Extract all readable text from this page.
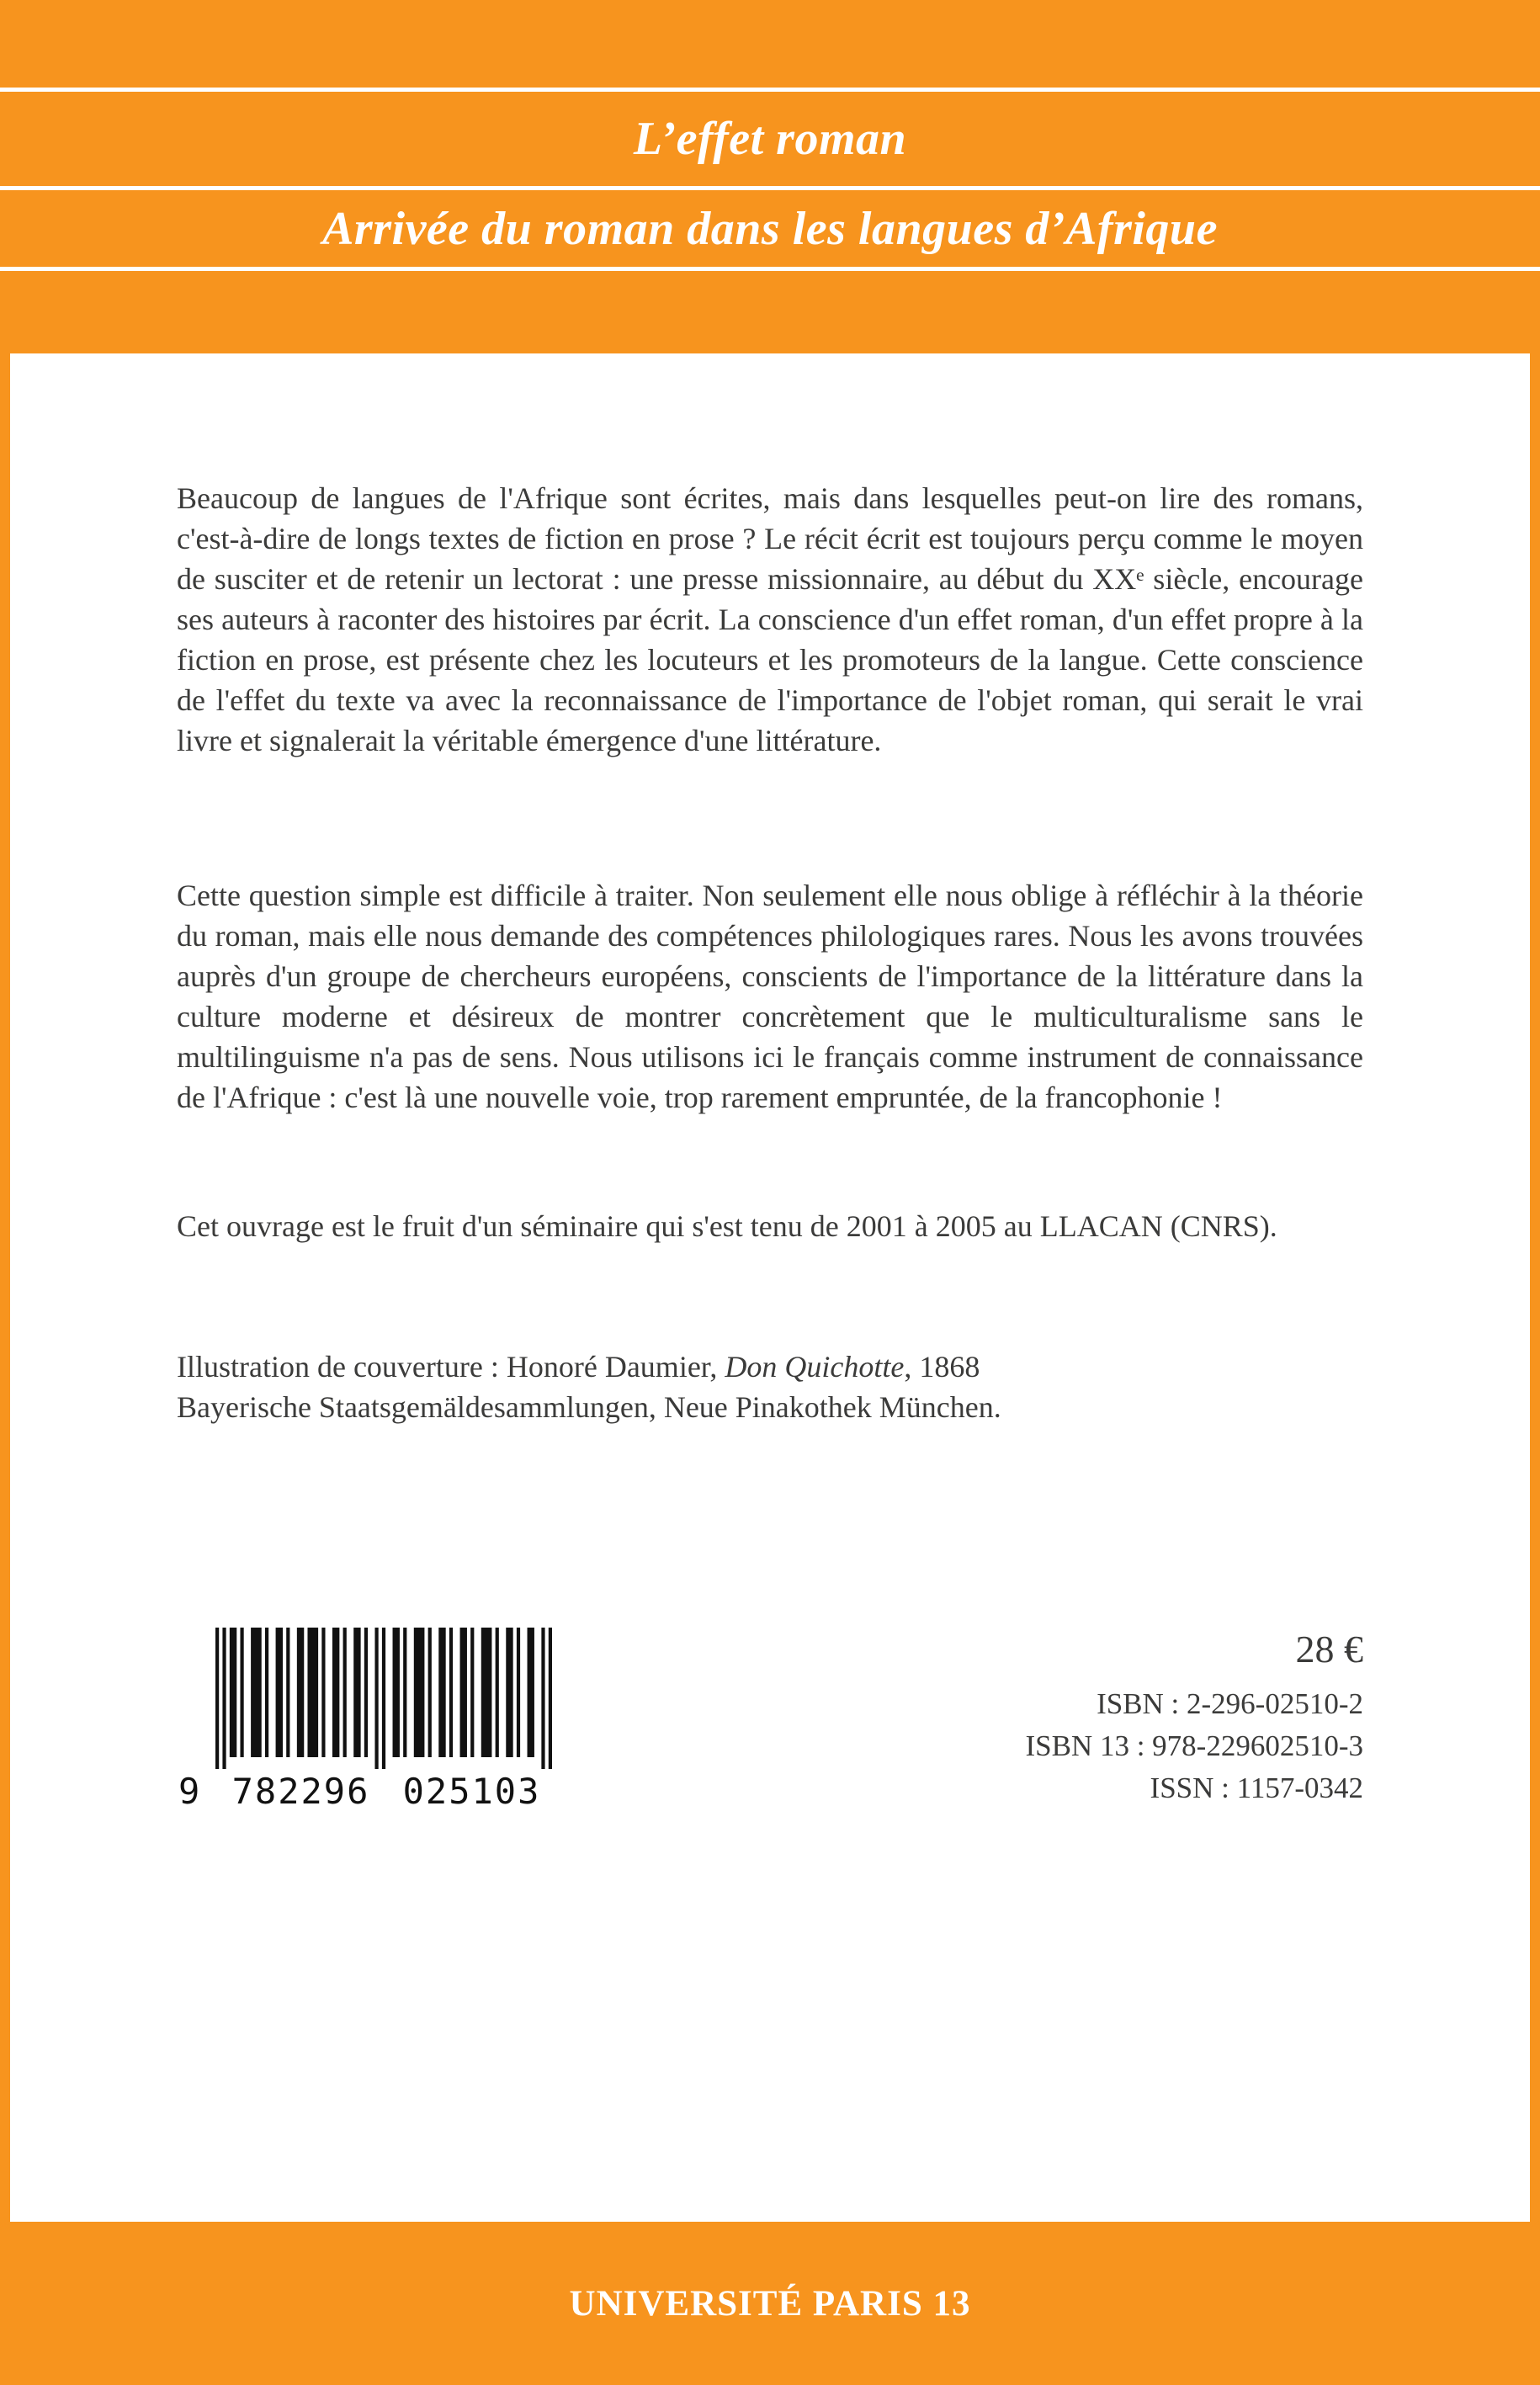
L’effet roman
Arrivée du roman dans les langues d’Afrique

Beaucoup de langues de l'Afrique sont écrites, mais dans lesquelles peut-on lire des romans, c'est-à-dire de longs textes de fiction en prose ? Le récit écrit est toujours perçu comme le moyen de susciter et de retenir un lectorat : une presse missionnaire, au début du XXᵉ siècle, encourage ses auteurs à raconter des histoires par écrit. La conscience d'un effet roman, d'un effet propre à la fiction en prose, est présente chez les locuteurs et les promoteurs de la langue. Cette conscience de l'effet du texte va avec la reconnaissance de l'importance de l'objet roman, qui serait le vrai livre et signalerait la véritable émergence d'une littérature.

Cette question simple est difficile à traiter. Non seulement elle nous oblige à réfléchir à la théorie du roman, mais elle nous demande des compétences philologiques rares. Nous les avons trouvées auprès d'un groupe de chercheurs européens, conscients de l'importance de la littérature dans la culture moderne et désireux de montrer concrètement que le multiculturalisme sans le multilinguisme n'a pas de sens. Nous utilisons ici le français comme instrument de connaissance de l'Afrique : c'est là une nouvelle voie, trop rarement empruntée, de la francophonie !

Cet ouvrage est le fruit d'un séminaire qui s'est tenu de 2001 à 2005 au LLACAN (CNRS).

Illustration de couverture : Honoré Daumier, Don Quichotte, 1868
Bayerische Staatsgemäldesammlungen, Neue Pinakothek München.

9 782296 025103

28 €

ISBN : 2-296-02510-2

ISBN 13 : 978-229602510-3

ISSN : 1157-0342

UNIVERSITÉ PARIS 13
